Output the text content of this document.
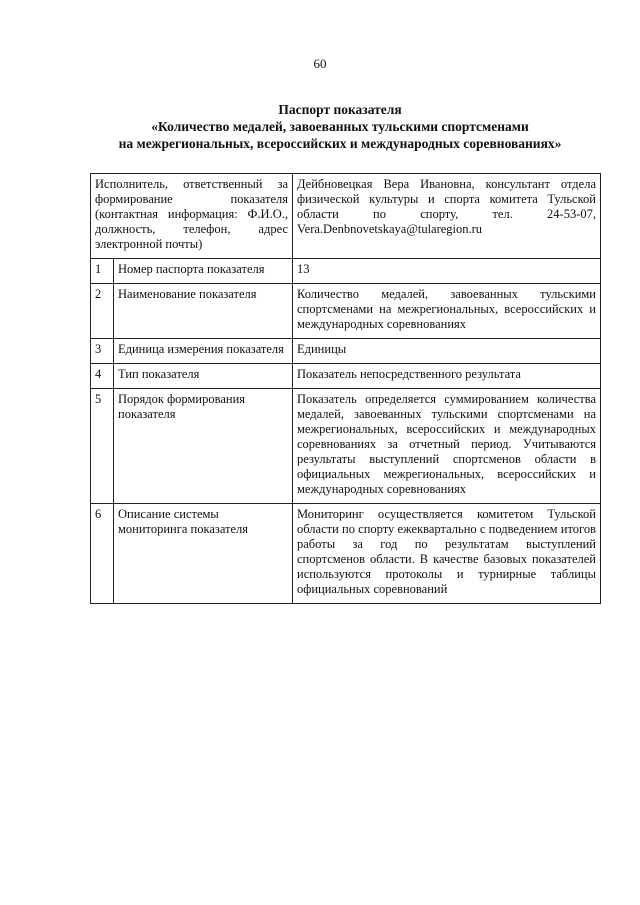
60
Паспорт показателя
«Количество медалей, завоеванных тульскими спортсменами
на межрегиональных, всероссийских и международных соревнованиях»
Исполнитель, ответственный за формирование показателя (контактная информация: Ф.И.О., должность, телефон, адрес электронной почты)		Дейбновецкая Вера Ивановна, консультант отдела физической культуры и спорта комитета Тульской области по спорту, тел. 24-53-07, Vera.Denbnovetskaya@tularegion.ru
1	Номер паспорта показателя	13
2	Наименование показателя	Количество медалей, завоеванных тульскими спортсменами на межрегиональных, всероссийских и международных соревнованиях
3	Единица измерения показателя	Единицы
4	Тип показателя	Показатель непосредственного результата
5	Порядок формирования показателя	Показатель определяется суммированием количества медалей, завоеванных тульскими спортсменами на межрегиональных, всероссийских и международных соревнованиях за отчетный период. Учитываются результаты выступлений спортсменов области в официальных межрегиональных, всероссийских и международных соревнованиях
6	Описание системы мониторинга показателя	Мониторинг осуществляется комитетом Тульской области по спорту ежеквартально с подведением итогов работы за год по результатам выступлений спортсменов области. В качестве базовых показателей используются протоколы и турнирные таблицы официальных соревнований
